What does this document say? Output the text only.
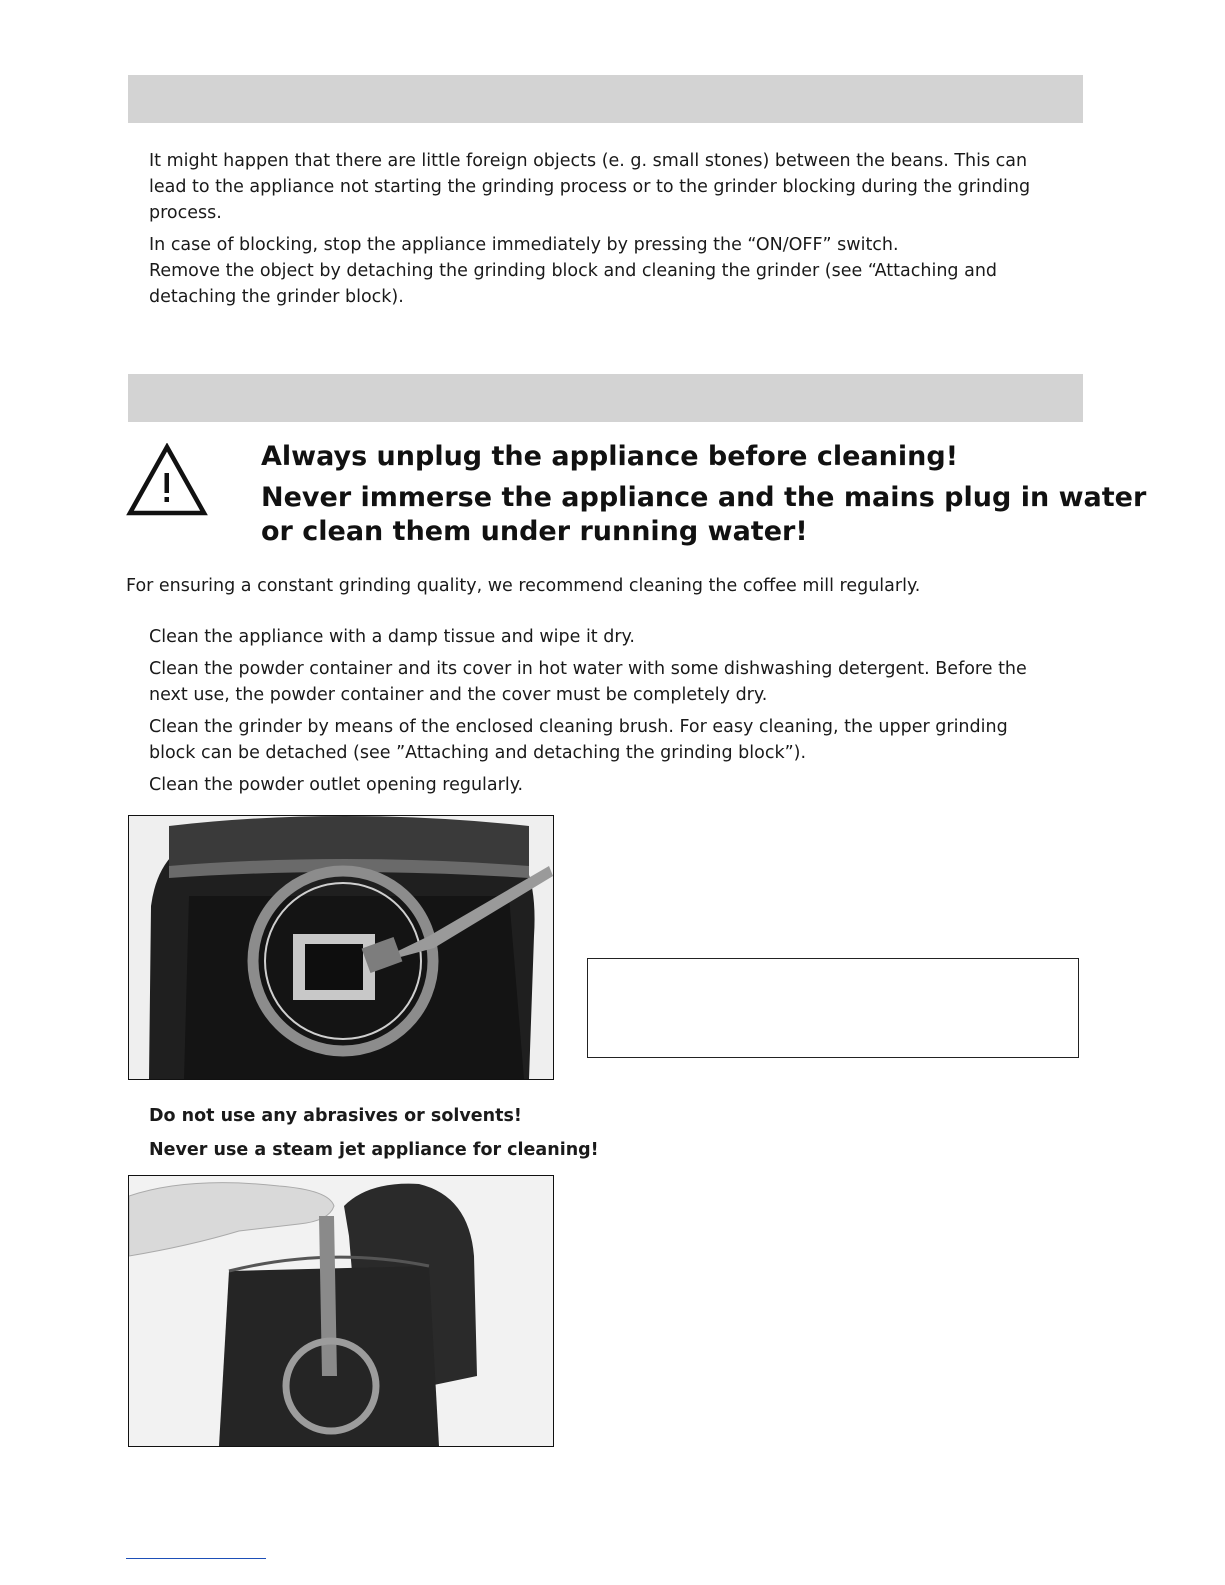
It might happen that there are little foreign objects (e. g. small stones) between the beans. This can lead to the appliance not starting the grinding process or to the grinder blocking during the grinding process.

In case of blocking, stop the appliance immediately by pressing the “ON/OFF” switch.

Remove the object by detaching the grinding block and cleaning the grinder (see “Attaching and detaching the grinder block).

Always unplug the appliance before cleaning!

Never immerse the appliance and the mains plug in water

or clean them under running water!

For ensuring a constant grinding quality, we recommend cleaning the coffee mill regularly.

Clean the appliance with a damp tissue and wipe it dry.

Clean the powder container and its cover in hot water with some dishwashing detergent. Before the next use, the powder container and the cover must be completely dry.

Clean the grinder by means of the enclosed cleaning brush. For easy cleaning, the upper grinding block can be detached (see ”Attaching and detaching the grinding block”).

Clean the powder outlet opening regularly.

Do not use any abrasives or solvents!

Never use a steam jet appliance for cleaning!
